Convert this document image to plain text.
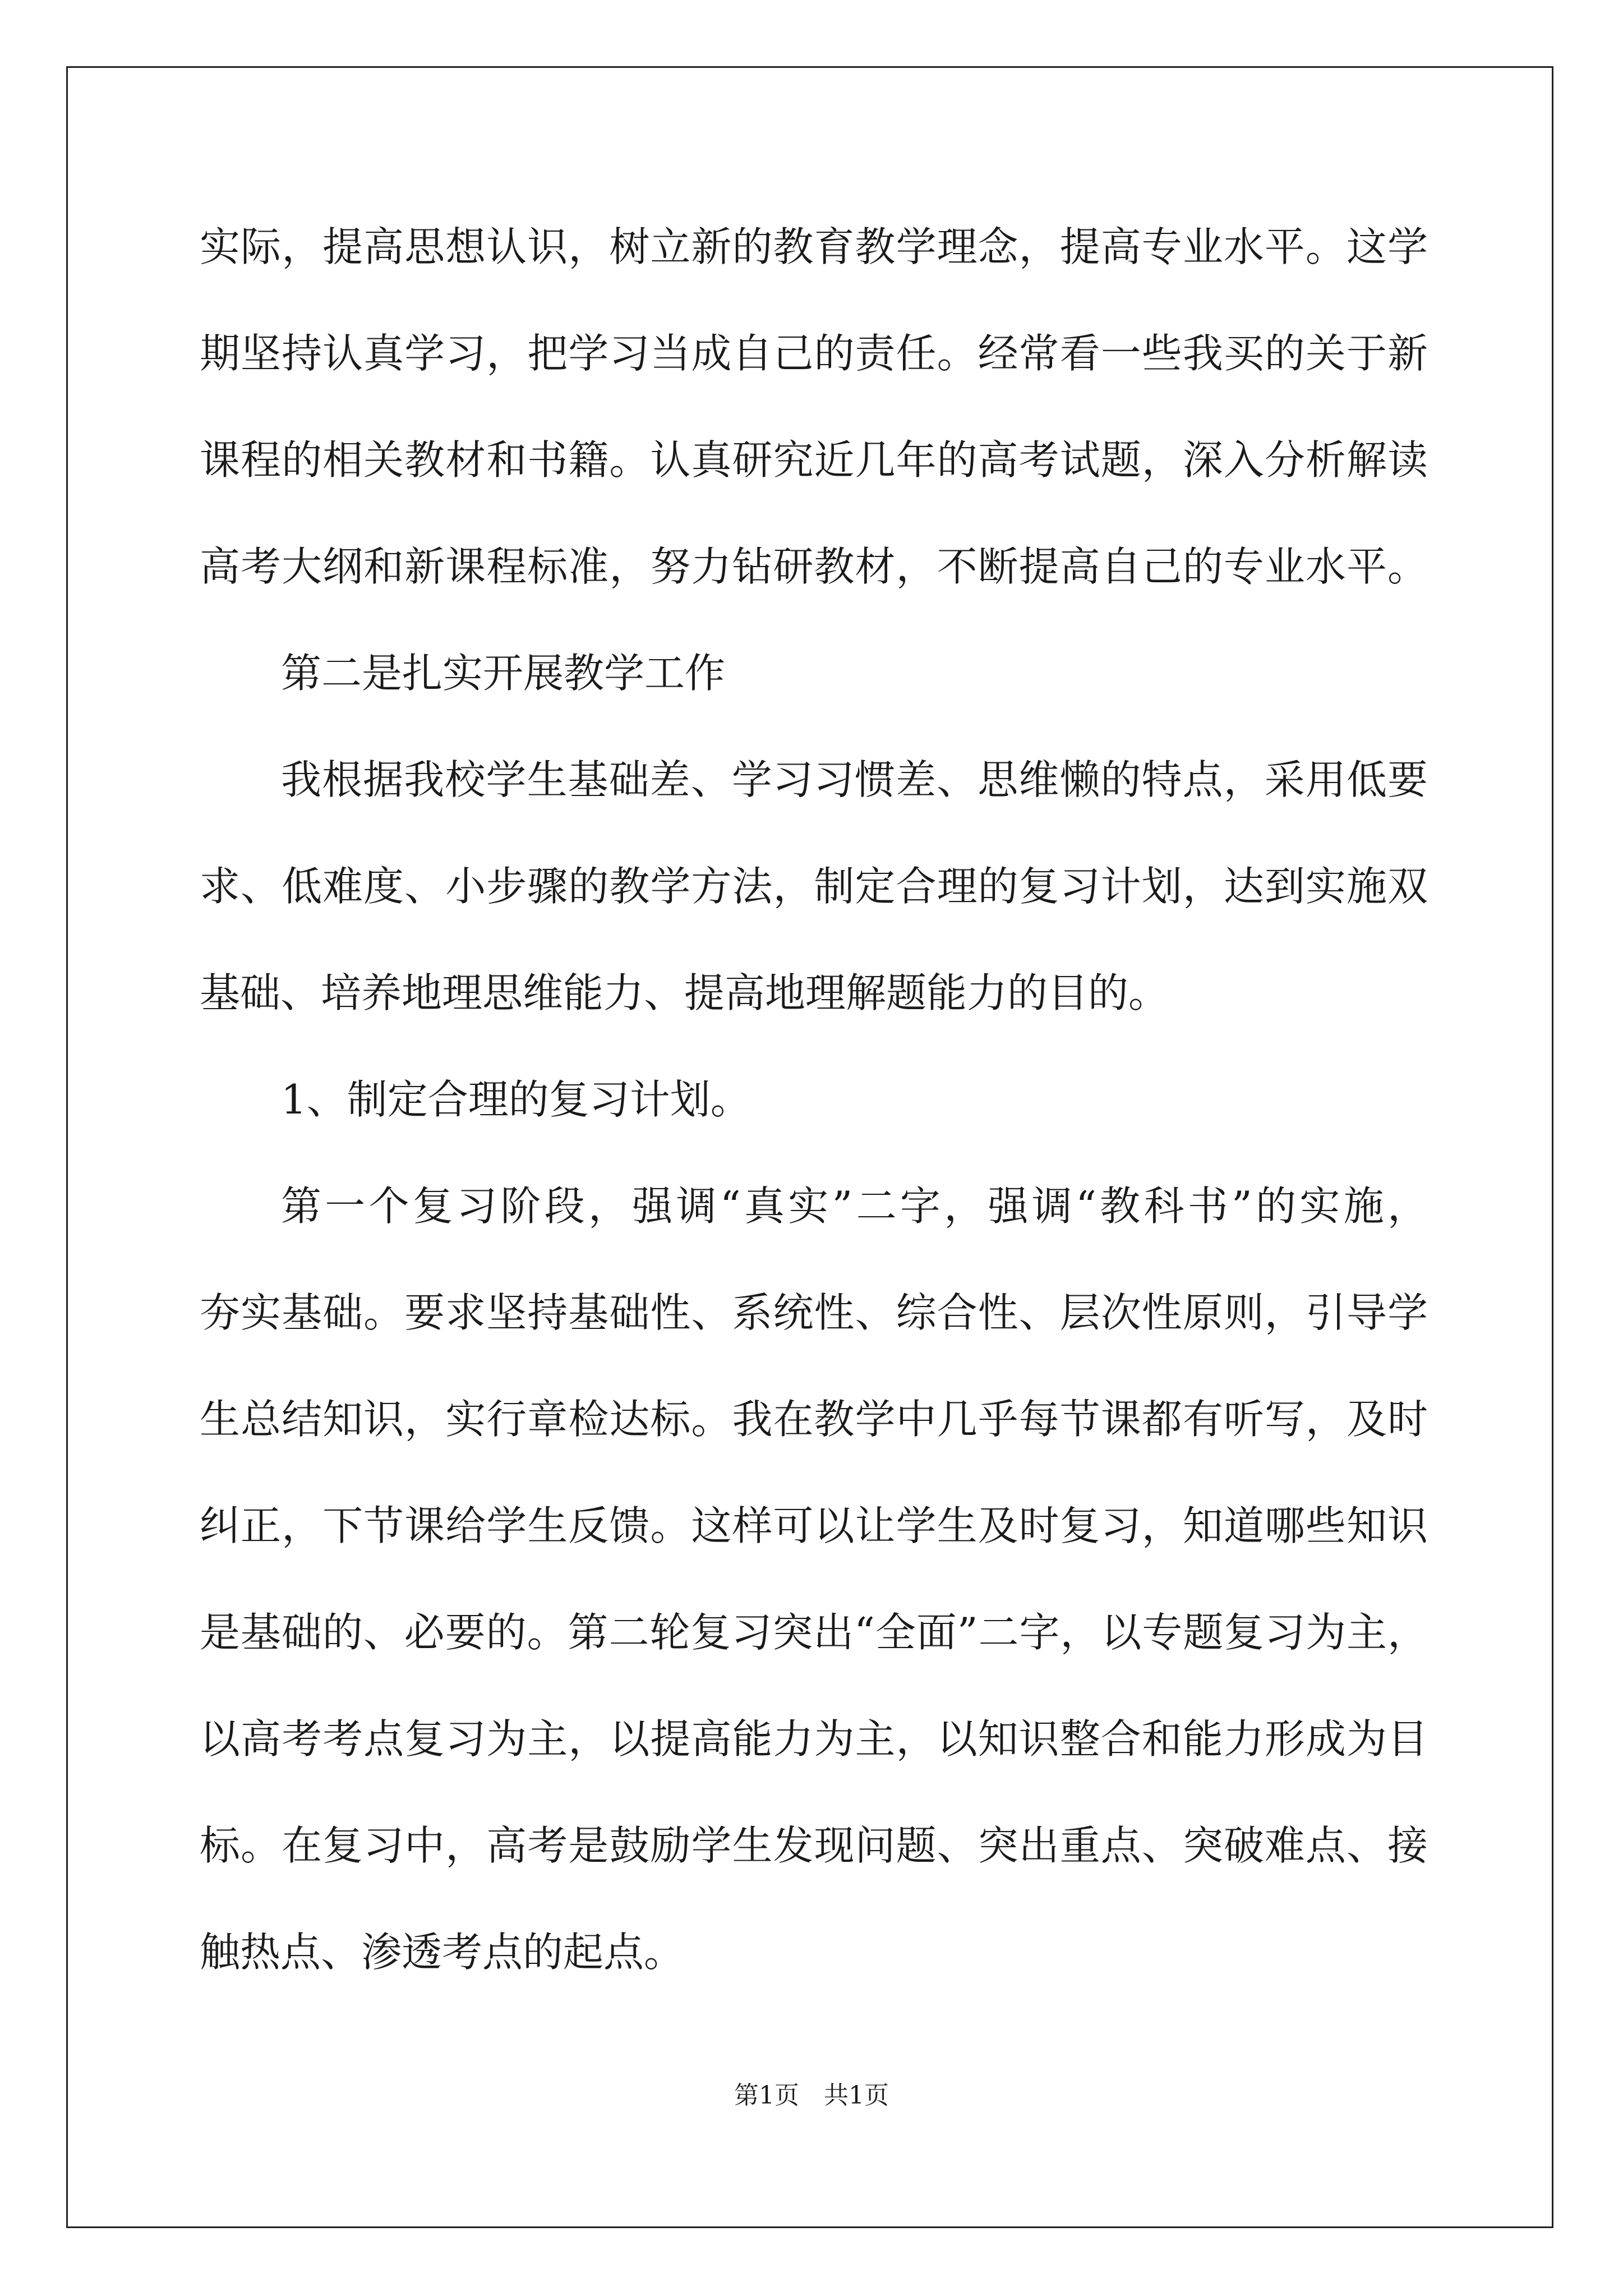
实际，提高思想认识，树立新的教育教学理念，提高专业水平。这学
期坚持认真学习，把学习当成自己的责任。经常看一些我买的关于新
课程的相关教材和书籍。认真研究近几年的高考试题，深入分析解读
高考大纲和新课程标准，努力钻研教材，不断提高自己的专业水平。
第二是扎实开展教学工作
我根据我校学生基础差、学习习惯差、思维懒的特点，采用低要
求、低难度、小步骤的教学方法，制定合理的复习计划，达到实施双
基础、培养地理思维能力、提高地理解题能力的目的。
1、制定合理的复习计划。
第一个复习阶段，强调“真实”二字，强调“教科书”的实施，
夯实基础。要求坚持基础性、系统性、综合性、层次性原则，引导学
生总结知识，实行章检达标。我在教学中几乎每节课都有听写，及时
纠正，下节课给学生反馈。这样可以让学生及时复习，知道哪些知识
是基础的、必要的。第二轮复习突出“全面”二字，以专题复习为主，
以高考考点复习为主，以提高能力为主，以知识整合和能力形成为目
标。在复习中，高考是鼓励学生发现问题、突出重点、突破难点、接
触热点、渗透考点的起点。
第1页　共1页
